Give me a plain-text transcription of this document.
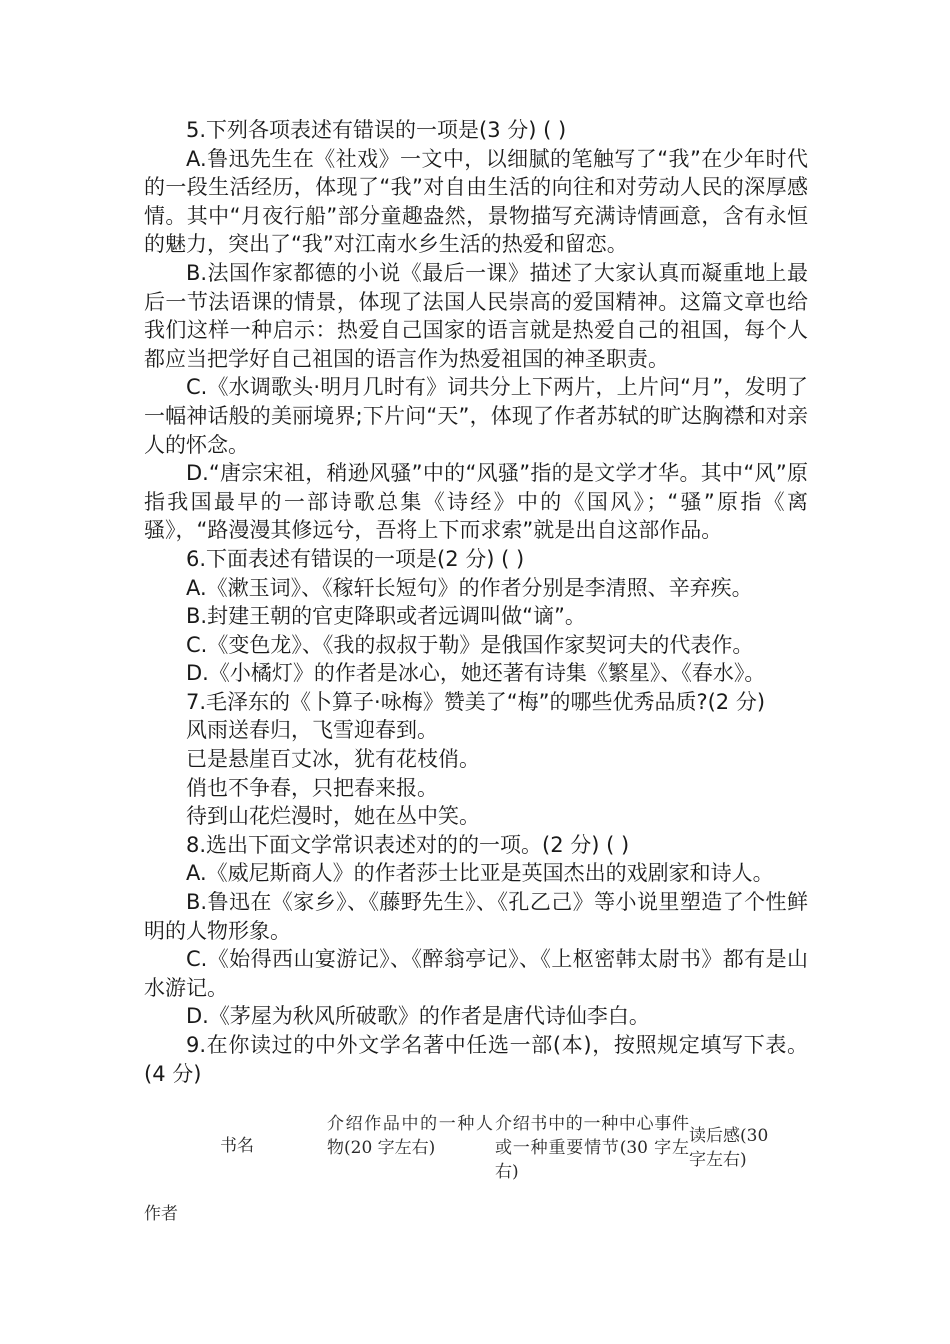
5.下列各项表述有错误的一项是(3 分) ( )

A.鲁迅先生在《社戏》一文中，以细腻的笔触写了“我”在少年时代的一段生活经历，体现了“我”对自由生活的向往和对劳动人民的深厚感情。其中“月夜行船”部分童趣盎然，景物描写充满诗情画意，含有永恒的魅力，突出了“我”对江南水乡生活的热爱和留恋。

B.法国作家都德的小说《最后一课》描述了大家认真而凝重地上最后一节法语课的情景，体现了法国人民崇高的爱国精神。这篇文章也给我们这样一种启示：热爱自己国家的语言就是热爱自己的祖国，每个人都应当把学好自己祖国的语言作为热爱祖国的神圣职责。

C.《水调歌头·明月几时有》词共分上下两片，上片问“月”，发明了一幅神话般的美丽境界;下片问“天”，体现了作者苏轼的旷达胸襟和对亲人的怀念。

D.“唐宗宋祖，稍逊风骚”中的“风骚”指的是文学才华。其中“风”原指我国最早的一部诗歌总集《诗经》中的《国风》；“骚”原指《离骚》，“路漫漫其修远兮，吾将上下而求索”就是出自这部作品。

6.下面表述有错误的一项是(2 分) ( )

A.《漱玉词》、《稼轩长短句》的作者分别是李清照、辛弃疾。

B.封建王朝的官吏降职或者远调叫做“谪”。

C.《变色龙》、《我的叔叔于勒》是俄国作家契诃夫的代表作。

D.《小橘灯》的作者是冰心，她还著有诗集《繁星》、《春水》。

7.毛泽东的《卜算子·咏梅》赞美了“梅”的哪些优秀品质?(2 分)

风雨送春归，飞雪迎春到。

已是悬崖百丈冰，犹有花枝俏。

俏也不争春，只把春来报。

待到山花烂漫时，她在丛中笑。

8.选出下面文学常识表述对的的一项。(2 分) ( )

A.《威尼斯商人》的作者莎士比亚是英国杰出的戏剧家和诗人。

B.鲁迅在《家乡》、《藤野先生》、《孔乙己》等小说里塑造了个性鲜明的人物形象。

C.《始得西山宴游记》、《醉翁亭记》、《上枢密韩太尉书》都有是山水游记。

D.《茅屋为秋风所破歌》的作者是唐代诗仙李白。

9.在你读过的中外文学名著中任选一部(本)，按照规定填写下表。(4 分)

书名
介绍作品中的一种人物(20 字左右)
介绍书中的一种中心事件或一种重要情节(30 字左右)
读后感(30 字左右)
作者
